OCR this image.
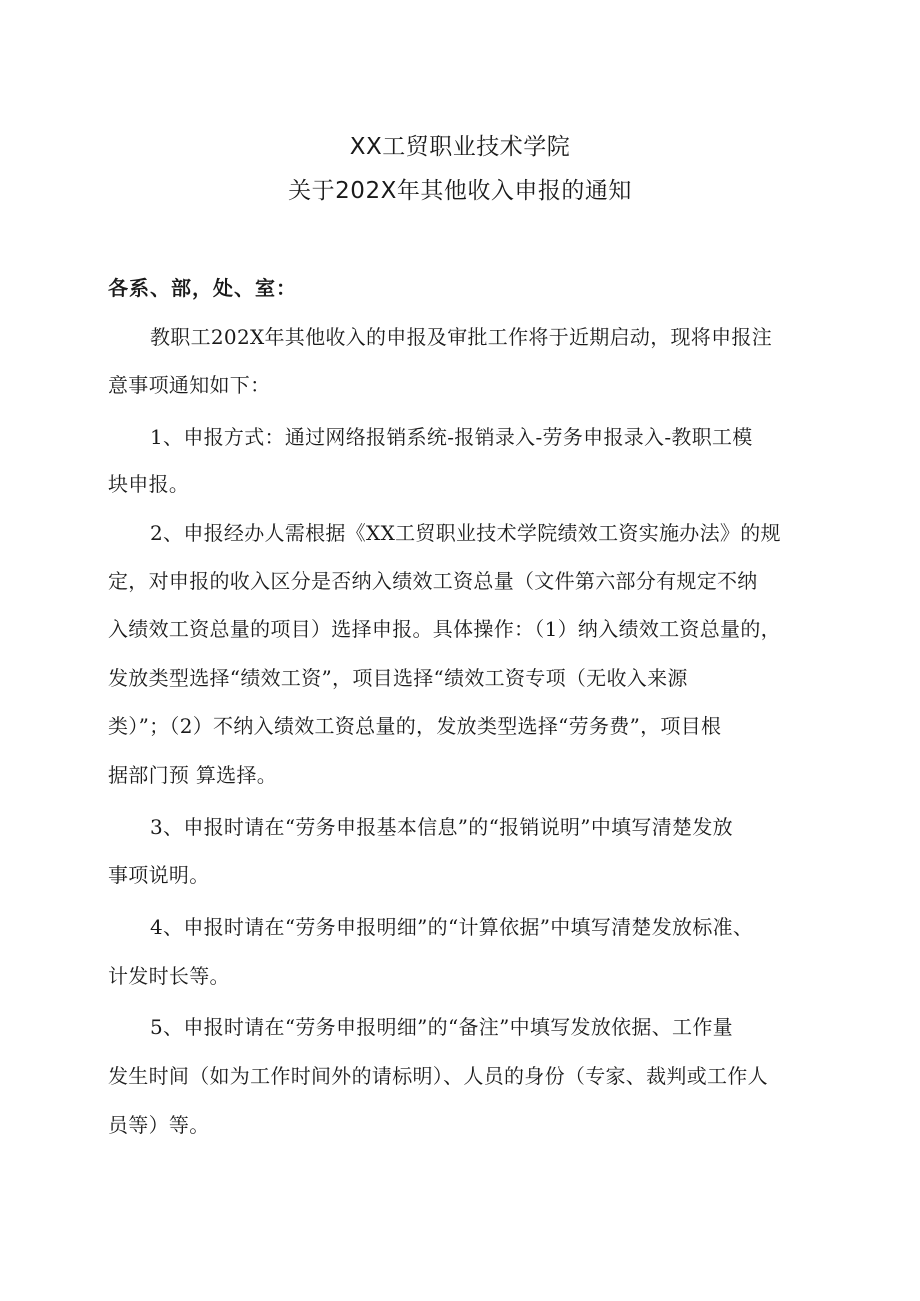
XX工贸职业技术学院
关于202X年其他收入申报的通知
各系、部，处、室：
教职工202X年其他收入的申报及审批工作将于近期启动，现将申报注
意事项通知如下：
1、申报方式：通过网络报销系统-报销录入-劳务申报录入-教职工模
块申报。
2、申报经办人需根据《XX工贸职业技术学院绩效工资实施办法》的规
定，对申报的收入区分是否纳入绩效工资总量（文件第六部分有规定不纳
入绩效工资总量的项目）选择申报。具体操作：（1）纳入绩效工资总量的，
发放类型选择“绩效工资”，项目选择“绩效工资专项（无收入来源
类）”；（2）不纳入绩效工资总量的，发放类型选择“劳务费”，项目根
据部门预 算选择。
3、申报时请在“劳务申报基本信息”的“报销说明”中填写清楚发放
事项说明。
4、申报时请在“劳务申报明细”的“计算依据”中填写清楚发放标准、
计发时长等。
5、申报时请在“劳务申报明细”的“备注”中填写发放依据、工作量
发生时间（如为工作时间外的请标明）、人员的身份（专家、裁判或工作人
员等）等。
